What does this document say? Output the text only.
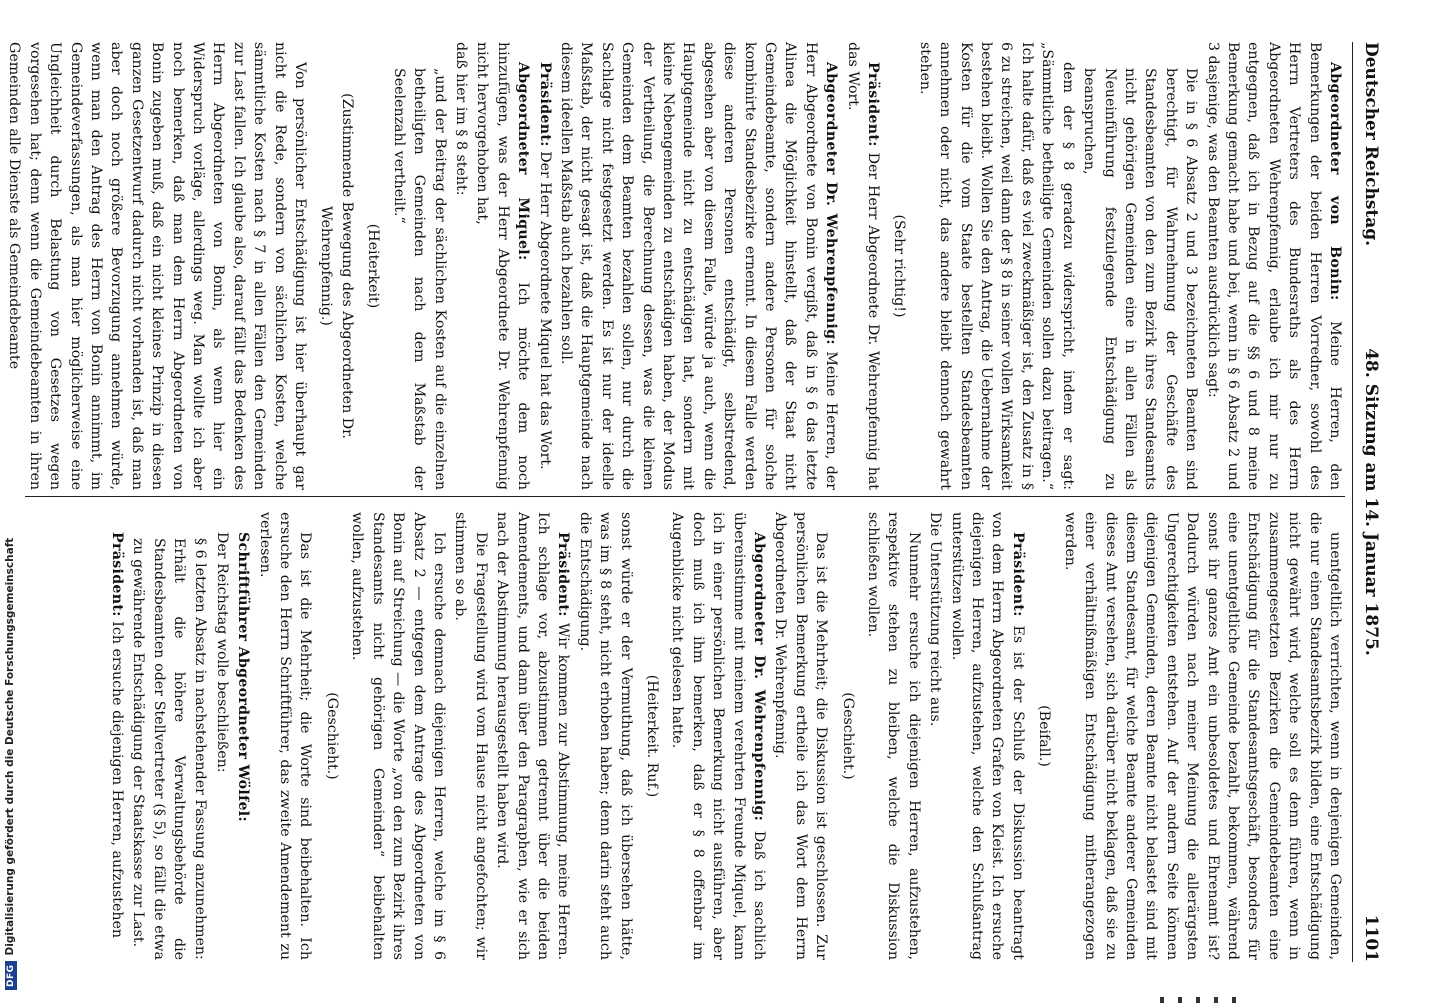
DFGDigitalisierung gefördert durch die Deutsche Forschungsgemeinschaft
Deutscher Reichstag.
48. Sitzung am 14. Januar 1875.
1101

Abgeordneter von Bonin: Meine Herren, den Bemerkungen der beiden Herren Vorredner, sowohl des Herrn Vertreters des Bundesraths als des Herrn Abgeordneten Wehrenpfennig, erlaube ich mir nur zu entgegnen, daß ich in Bezug auf die §§ 6 und 8 meine Bemerkung gemacht habe und bei, wenn in § 6 Absatz 2 und 3 dasjenige, was den Beamten ausdrücklich sagt:

Die in § 6 Absatz 2 und 3 bezeichneten Beamten sind berechtigt, für Wahrnehmung der Geschäfte des Standesbeamten von den zum Bezirk ihres Standesamts nicht gehörigen Gemeinden eine in allen Fällen als Neueinführung festzulegende Entschädigung zu beanspruchen,

dem der § 8 geradezu widerspricht, indem er sagt: „Sämmtliche betheiligte Gemeinden sollen dazu beitragen.“ Ich halte dafür, daß es viel zweckmäßiger ist, den Zusatz in § 6 zu streichen, weil dann der § 8 in seiner vollen Wirksamkeit bestehen bleibt. Wollen Sie den Antrag, die Uebernahme der Kosten für die vom Staate bestellten Standesbeamten annehmen oder nicht, das andere bleibt dennoch gewahrt stehen.

(Sehr richtig!)

Präsident: Der Herr Abgeordnete Dr. Wehrenpfennig hat das Wort.

Abgeordneter Dr. Wehrenpfennig: Meine Herren, der Herr Abgeordnete von Bonin vergißt, daß in § 6 das letzte Alinea die Möglichkeit hinstellt, daß der Staat nicht Gemeindebeamte, sondern andere Personen für solche kombinirte Standesbezirke ernennt. In diesem Falle werden diese anderen Personen entschädigt, selbstredend, abgesehen aber von diesem Falle, würde ja auch, wenn die Hauptgemeinde nicht zu entschädigen hat, sondern mit kleine Nebengemeinden zu entschädigen haben, der Modus der Vertheilung, die Berechnung dessen, was die kleinen Gemeinden dem Beamten bezahlen sollen, nur durch die Sachlage nicht festgesetzt werden. Es ist nur der ideelle Maßstab, der nicht gesagt ist, daß die Hauptgemeinde nach diesem ideellen Maßstab auch bezahlen soll.

Präsident: Der Herr Abgeordnete Miquel hat das Wort.

Abgeordneter Miquel: Ich möchte dem noch hinzufügen, was der Herr Abgeordnete Dr. Wehrenpfennig nicht hervorgehoben hat,

daß hier im § 8 steht:

„und der Beitrag der sächlichen Kosten auf die einzelnen betheiligten Gemeinden nach dem Maßstab der Seelenzahl vertheilt.“

(Heiterkeit)

(Zustimmende Bewegung des Abgeordneten Dr. Wehrenpfennig.)

Von persönlicher Entschädigung ist hier überhaupt gar nicht die Rede, sondern von sächlichen Kosten, welche sämmtliche Kosten nach § 7 in allen Fällen den Gemeinden zur Last fallen. Ich glaube also, darauf fällt das Bedenken des Herrn Abgeordneten von Bonin, als wenn hier ein Widerspruch vorläge, allerdings weg. Man wollte ich aber noch bemerken, daß man dem Herrn Abgeordneten von Bonin zugeben muß, daß ein nicht kleines Prinzip in diesen ganzen Gesetzentwurf dadurch nicht vorhanden ist, daß man aber doch noch größere Bevorzugung annehmen würde, wenn man den Antrag des Herrn von Bonin annimmt, im Gemeindeverfassungen, als man hier möglicherweise eine Ungleichheit durch Belastung von Gesetzes wegen vorgesehen hat; denn wenn die Gemeindebeamten in ihren Gemeinden alle Dienste als Gemeindebeamte

unentgeltlich verrichten, wenn in denjenigen Gemeinden, die nur einen Standesamtsbezirk bilden, eine Entschädigung nicht gewährt wird, welche soll es denn führen, wenn in zusammengesetzten Bezirken die Gemeindebeamten eine Entschädigung für die Standesamtsgeschäft, besonders für eine unentgeltliche Gemeinde bezahlt, bekommen, während sonst ihr ganzes Amt ein unbesoldetes und Ehrenamt ist? Dadurch würden nach meiner Meinung die allerärgsten Ungerechtigkeiten entstehen. Auf der andern Seite können diejenigen Gemeinden, deren Beamte nicht belastet sind mit diesem Standesamt, für welche Beamte anderer Gemeinden dieses Amt versehen, sich darüber nicht beklagen, daß sie zu einer verhältnißmäßigen Entschädigung mitherangezogen werden.

(Beifall.)

Präsident: Es ist der Schluß der Diskussion beantragt von dem Herrn Abgeordneten Grafen von Kleist. Ich ersuche diejenigen Herren, aufzustehen, welche den Schlußantrag unterstützen wollen.

Die Unterstützung reicht aus.

Nunmehr ersuche ich diejenigen Herren, aufzustehen, respektive stehen zu bleiben, welche die Diskussion schließen wollen.

(Geschieht.)

Das ist die Mehrheit; die Diskussion ist geschlossen. Zur persönlichen Bemerkung ertheile ich das Wort dem Herrn Abgeordneten Dr. Wehrenpfennig.

Abgeordneter Dr. Wehrenpfennig: Daß ich sachlich übereinstimme mit meinem verehrten Freunde Miquel, kann ich in einer persönlichen Bemerkung nicht ausführen, aber doch muß ich ihm bemerken, daß er § 8 offenbar im Augenblicke nicht gelesen hatte.

(Heiterkeit. Ruf.)

sonst würde er der Vermuthung, daß ich übersehen hätte, was im § 8 steht, nicht erhoben haben; denn darin steht auch die Entschädigung.

Präsident: Wir kommen zur Abstimmung, meine Herren. Ich schlage vor, abzustimmen getrennt über die beiden Amendements, und dann über den Paragraphen, wie er sich nach der Abstimmung herausgestellt haben wird.

Die Fragestellung wird vom Hause nicht angefochten; wir stimmen so ab.

Ich ersuche demnach diejenigen Herren, welche im § 6 Absatz 2 — entgegen dem Antrage des Abgeordneten von Bonin auf Streichung — die Worte „von den zum Bezirk ihres Standesamts nicht gehörigen Gemeinden“ beibehalten wollen, aufzustehen.

(Geschieht.)

Das ist die Mehrheit; die Worte sind beibehalten. Ich ersuche den Herrn Schriftführer, das zweite Amendement zu verlesen.

Schriftführer Abgeordneter Wölfel:

Der Reichstag wolle beschließen:

§ 6 letzten Absatz in nachstehender Fassung anzunehmen:

Erhält die höhere Verwaltungsbehörde die Standesbeamten oder Stellvertreter (§ 5), so fällt die etwa zu gewährende Entschädigung der Staatskasse zur Last.

Präsident: Ich ersuche diejenigen Herren, aufzustehen
